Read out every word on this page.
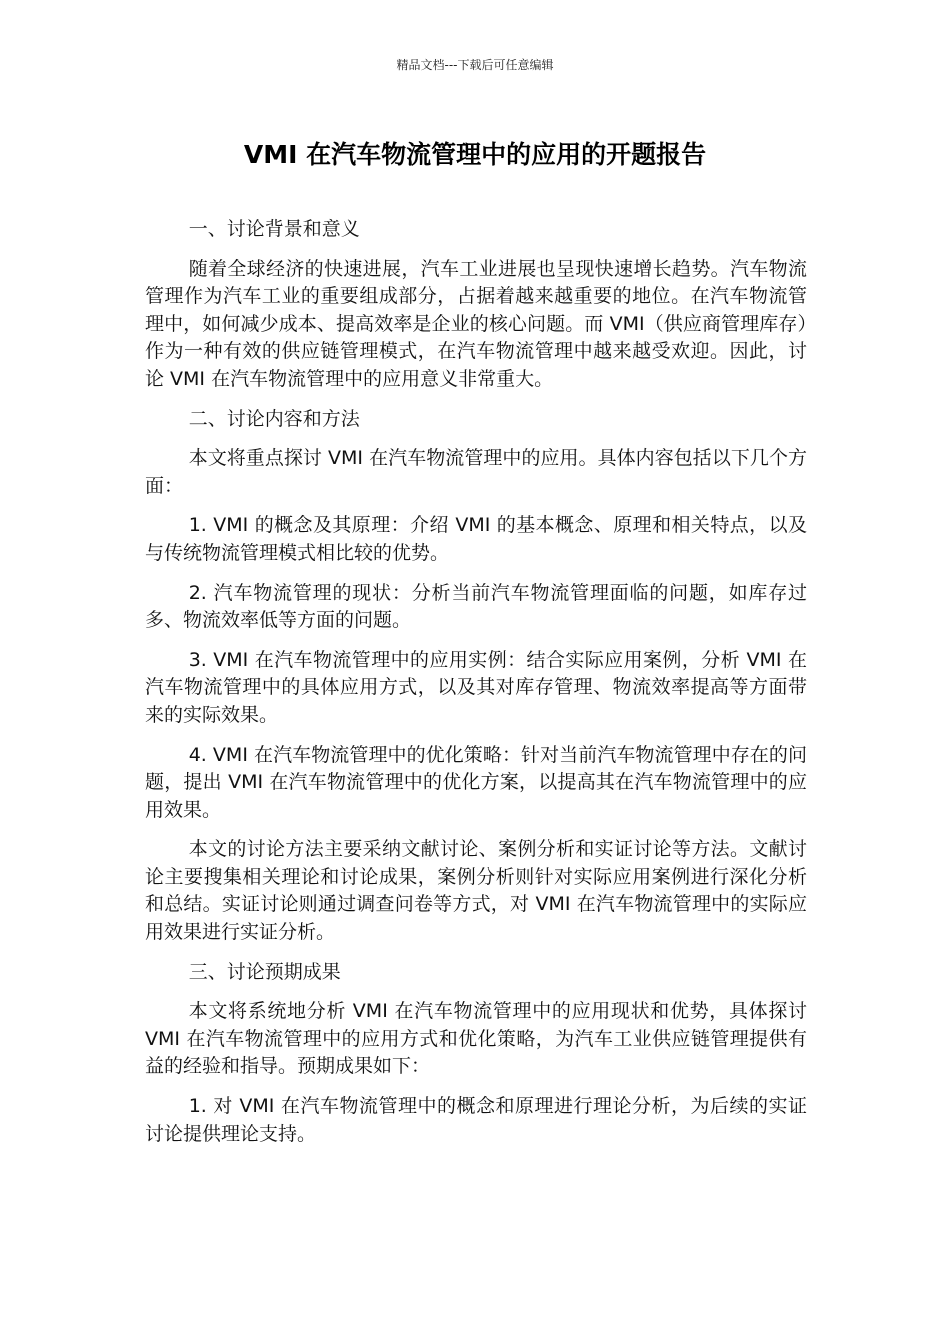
精品文档---下载后可任意编辑
VMI 在汽车物流管理中的应用的开题报告

一、讨论背景和意义

随着全球经济的快速进展，汽车工业进展也呈现快速增长趋势。汽车物流管理作为汽车工业的重要组成部分，占据着越来越重要的地位。在汽车物流管理中，如何减少成本、提高效率是企业的核心问题。而 VMI（供应商管理库存）作为一种有效的供应链管理模式，在汽车物流管理中越来越受欢迎。因此，讨论 VMI 在汽车物流管理中的应用意义非常重大。

二、讨论内容和方法

本文将重点探讨 VMI 在汽车物流管理中的应用。具体内容包括以下几个方面：

1. VMI 的概念及其原理：介绍 VMI 的基本概念、原理和相关特点，以及与传统物流管理模式相比较的优势。

2. 汽车物流管理的现状：分析当前汽车物流管理面临的问题，如库存过多、物流效率低等方面的问题。

3. VMI 在汽车物流管理中的应用实例：结合实际应用案例，分析 VMI 在汽车物流管理中的具体应用方式，以及其对库存管理、物流效率提高等方面带来的实际效果。

4. VMI 在汽车物流管理中的优化策略：针对当前汽车物流管理中存在的问题，提出 VMI 在汽车物流管理中的优化方案，以提高其在汽车物流管理中的应用效果。

本文的讨论方法主要采纳文献讨论、案例分析和实证讨论等方法。文献讨论主要搜集相关理论和讨论成果，案例分析则针对实际应用案例进行深化分析和总结。实证讨论则通过调查问卷等方式，对 VMI 在汽车物流管理中的实际应用效果进行实证分析。

三、讨论预期成果

本文将系统地分析 VMI 在汽车物流管理中的应用现状和优势，具体探讨 VMI 在汽车物流管理中的应用方式和优化策略，为汽车工业供应链管理提供有益的经验和指导。预期成果如下：

1. 对 VMI 在汽车物流管理中的概念和原理进行理论分析，为后续的实证讨论提供理论支持。
